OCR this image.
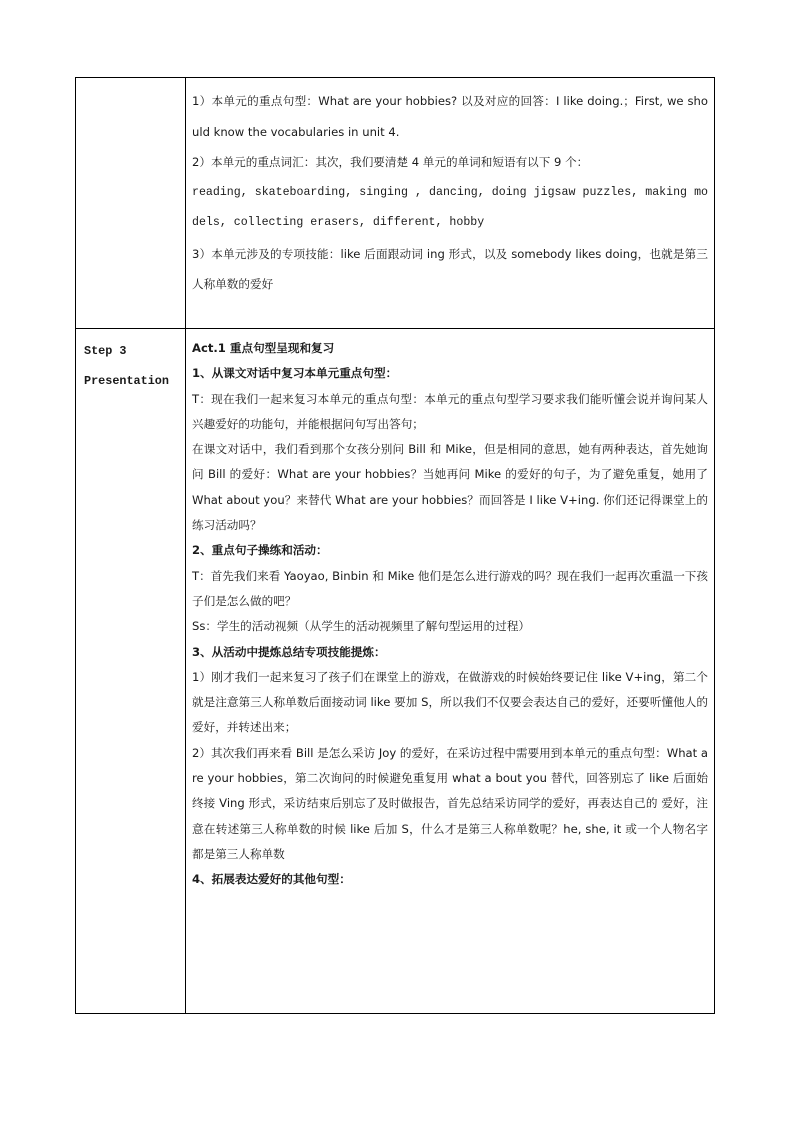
1）本单元的重点句型：What are your hobbies? 以及对应的回答：I like doing.；First, we should know the vocabularies in unit 4.

2）本单元的重点词汇：其次，我们要清楚 4 单元的单词和短语有以下 9 个：

reading, skateboarding, singing , dancing, doing jigsaw puzzles, making models, collecting erasers, different, hobby

3）本单元涉及的专项技能：like 后面跟动词 ing 形式，以及 somebody likes doing，也就是第三人称单数的爱好

Step 3

Presentation

Act.1 重点句型呈现和复习

1、从课文对话中复习本单元重点句型：

T：现在我们一起来复习本单元的重点句型：本单元的重点句型学习要求我们能听懂会说并询问某人兴趣爱好的功能句，并能根据问句写出答句；

在课文对话中，我们看到那个女孩分别问 Bill 和 Mike，但是相同的意思，她有两种表达，首先她询问 Bill 的爱好：What are your hobbies？当她再问 Mike 的爱好的句子，为了避免重复，她用了 What about you？来替代 What are your hobbies？而回答是 I like V+ing. 你们还记得课堂上的练习活动吗？

2、重点句子操练和活动：

T：首先我们来看 Yaoyao, Binbin 和 Mike 他们是怎么进行游戏的吗？现在我们一起再次重温一下孩子们是怎么做的吧？

Ss：学生的活动视频（从学生的活动视频里了解句型运用的过程）

3、从活动中提炼总结专项技能提炼：

1）刚才我们一起来复习了孩子们在课堂上的游戏，在做游戏的时候始终要记住 like V+ing，第二个就是注意第三人称单数后面接动词 like 要加 S，所以我们不仅要会表达自己的爱好，还要听懂他人的爱好，并转述出来；

2）其次我们再来看 Bill 是怎么采访 Joy 的爱好，在采访过程中需要用到本单元的重点句型：What are your hobbies，第二次询问的时候避免重复用 what a bout you 替代，回答别忘了 like 后面始终接 Ving 形式，采访结束后别忘了及时做报告，首先总结采访同学的爱好，再表达自己的 爱好，注意在转述第三人称单数的时候 like 后加 S，什么才是第三人称单数呢？he, she, it 或一个人物名字都是第三人称单数

4、拓展表达爱好的其他句型：
